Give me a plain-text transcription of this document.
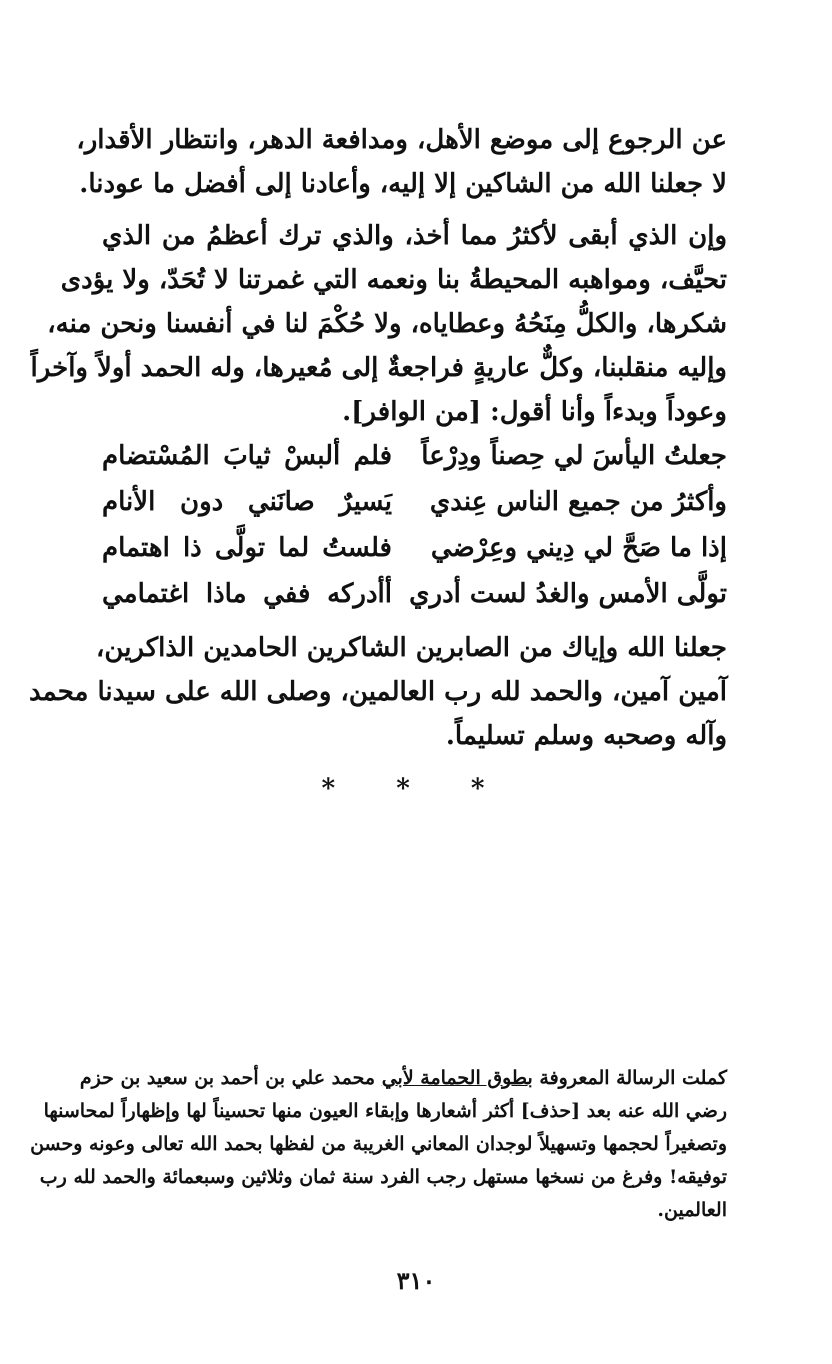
عن الرجوع إلى موضع الأهل، ومدافعة الدهر، وانتظار الأقدار،
لا جعلنا الله من الشاكين إلا إليه، وأعادنا إلى أفضل ما عودنا.
وإن الذي أبقى لأكثرُ مما أخذ، والذي ترك أعظمُ من الذي
تحيَّف، ومواهبه المحيطةُ بنا ونعمه التي غمرتنا لا تُحَدّ، ولا يؤدى
شكرها، والكلُّ مِنَحُهُ وعطاياه، ولا حُكْمَ لنا في أنفسنا ونحن منه،
وإليه منقلبنا، وكلٌّ عاريةٍ فراجعةٌ إلى مُعيرها، وله الحمد أولاً وآخراً
وعوداً وبدءاً وأنا أقول: [من الوافر].
جعلتُ اليأسَ لي حِصناً ودِرْعاً
فلم ألبسْ ثيابَ المُسْتضام
وأكثرُ من جميع الناس عِندي
يَسيرٌ صانَني دون الأنام
إذا ما صَحَّ لي دِيني وعِرْضي
فلستُ لما تولَّى ذا اهتمام
تولَّى الأمس والغدُ لست أدري
أأدركه ففي ماذا اغتمامي
جعلنا الله وإياك من الصابرين الشاكرين الحامدين الذاكرين،
آمين آمين، والحمد لله رب العالمين، وصلى الله على سيدنا محمد
وآله وصحبه وسلم تسليماً.
* * *
كملت الرسالة المعروفة بطوق الحمامة لأبي محمد علي بن أحمد بن سعيد بن حزم
رضي الله عنه بعد [حذف] أكثر أشعارها وإبقاء العيون منها تحسيناً لها وإظهاراً لمحاسنها
وتصغيراً لحجمها وتسهيلاً لوجدان المعاني الغريبة من لفظها بحمد الله تعالى وعونه وحسن
توفيقه! وفرغ من نسخها مستهل رجب الفرد سنة ثمان وثلاثين وسبعمائة والحمد لله رب
العالمين.
٣١٠
